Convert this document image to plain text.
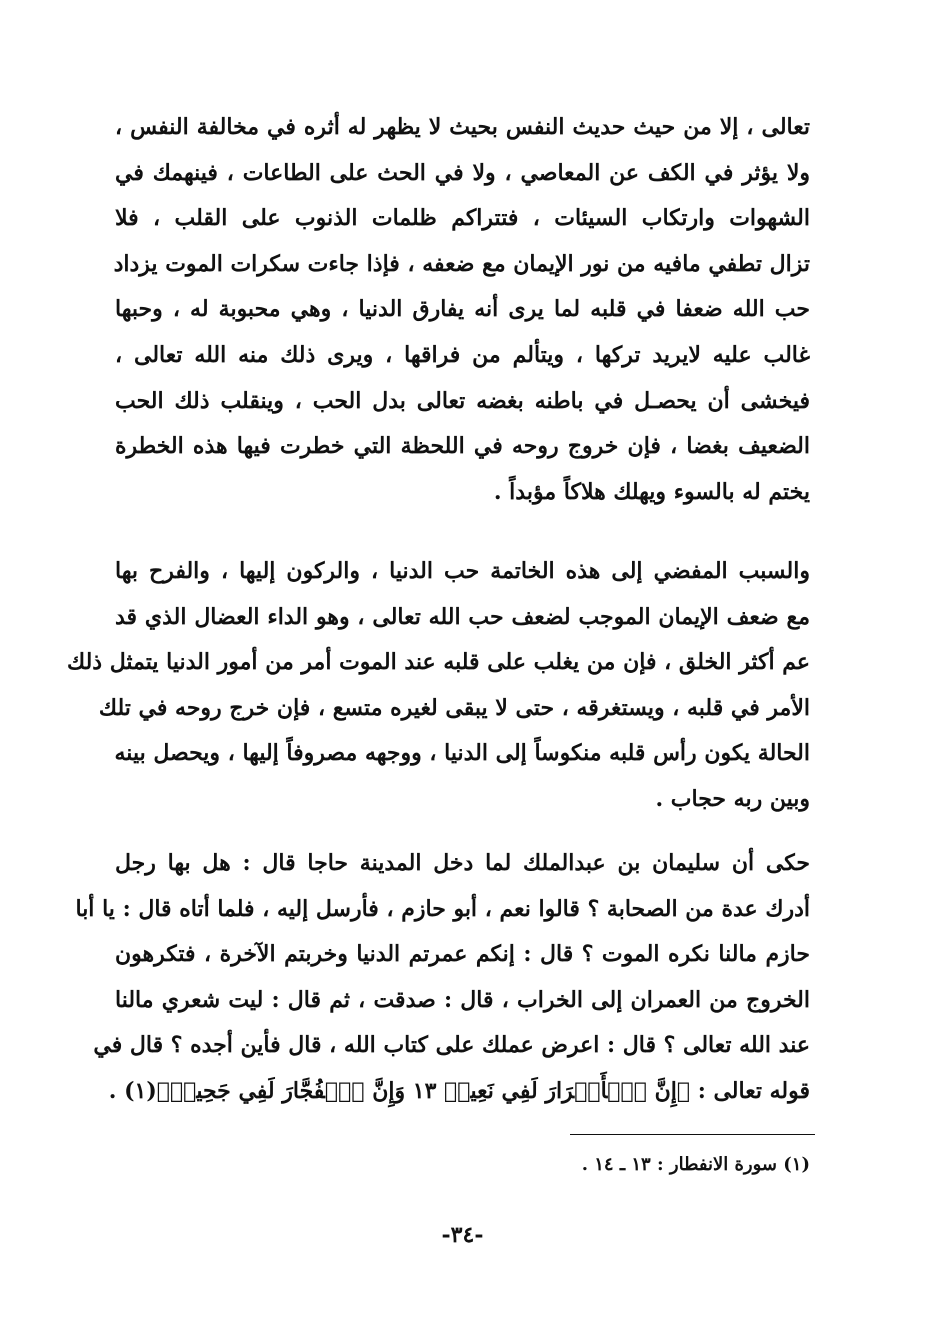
تعالى ، إلا من حيث حديث النفس بحيث لا يظهر له أثره في مخالفة النفس ،
ولا يؤثر في الكف عن المعاصي ، ولا في الحث على الطاعات ، فينهمك في
الشهوات وارتكاب السيئات ، فتتراكم ظلمات الذنوب على القلب ، فلا
تزال تطفي مافيه من نور الإيمان مع ضعفه ، فإذا جاءت سكرات الموت يزداد
حب الله ضعفا في قلبه لما يرى أنه يفارق الدنيا ، وهي محبوبة له ، وحبها
غالب عليه لايريد تركها ، ويتألم من فراقها ، ويرى ذلك منه الله تعالى ،
فيخشى أن يحصـل في باطنه بغضه تعالى بدل الحب ، وينقلب ذلك الحب
الضعيف بغضا ، فإن خروج روحه في اللحظة التي خطرت فيها هذه الخطرة
يختم له بالسوء ويهلك هلاكاً مؤبداً .
والسبب المفضي إلى هذه الخاتمة حب الدنيا ، والركون إليها ، والفرح بها
مع ضعف الإيمان الموجب لضعف حب الله تعالى ، وهو الداء العضال الذي قد
عم أكثر الخلق ، فإن من يغلب على قلبه عند الموت أمر من أمور الدنيا يتمثل ذلك
الأمر في قلبه ، ويستغرقه ، حتى لا يبقى لغيره متسع ، فإن خرج روحه في تلك
الحالة يكون رأس قلبه منكوساً إلى الدنيا ، ووجهه مصروفاً إليها ، ويحصل بينه
وبين ربه حجاب .
حكى أن سليمان بن عبدالملك لما دخل المدينة حاجا قال : هل بها رجل
أدرك عدة من الصحابة ؟ قالوا نعم ، أبو حازم ، فأرسل إليه ، فلما أتاه قال : يا أبا
حازم مالنا نكره الموت ؟ قال : إنكم عمرتم الدنيا وخربتم الآخرة ، فتكرهون
الخروج من العمران إلى الخراب ، قال : صدقت ، ثم قال : ليت شعري مالنا
عند الله تعالى ؟ قال : اعرض عملك على كتاب الله ، قال فأين أجده ؟ قال في
قوله تعالى : ﴿إِنَّ ٱلۡأَبۡرَارَ لَفِي نَعِيمٖ ١٣ وَإِنَّ ٱلۡفُجَّارَ لَفِي جَحِيمٖ﴾(١) .
(١) سورة الانفطار : ١٣ ـ ١٤ .
-٣٤-
